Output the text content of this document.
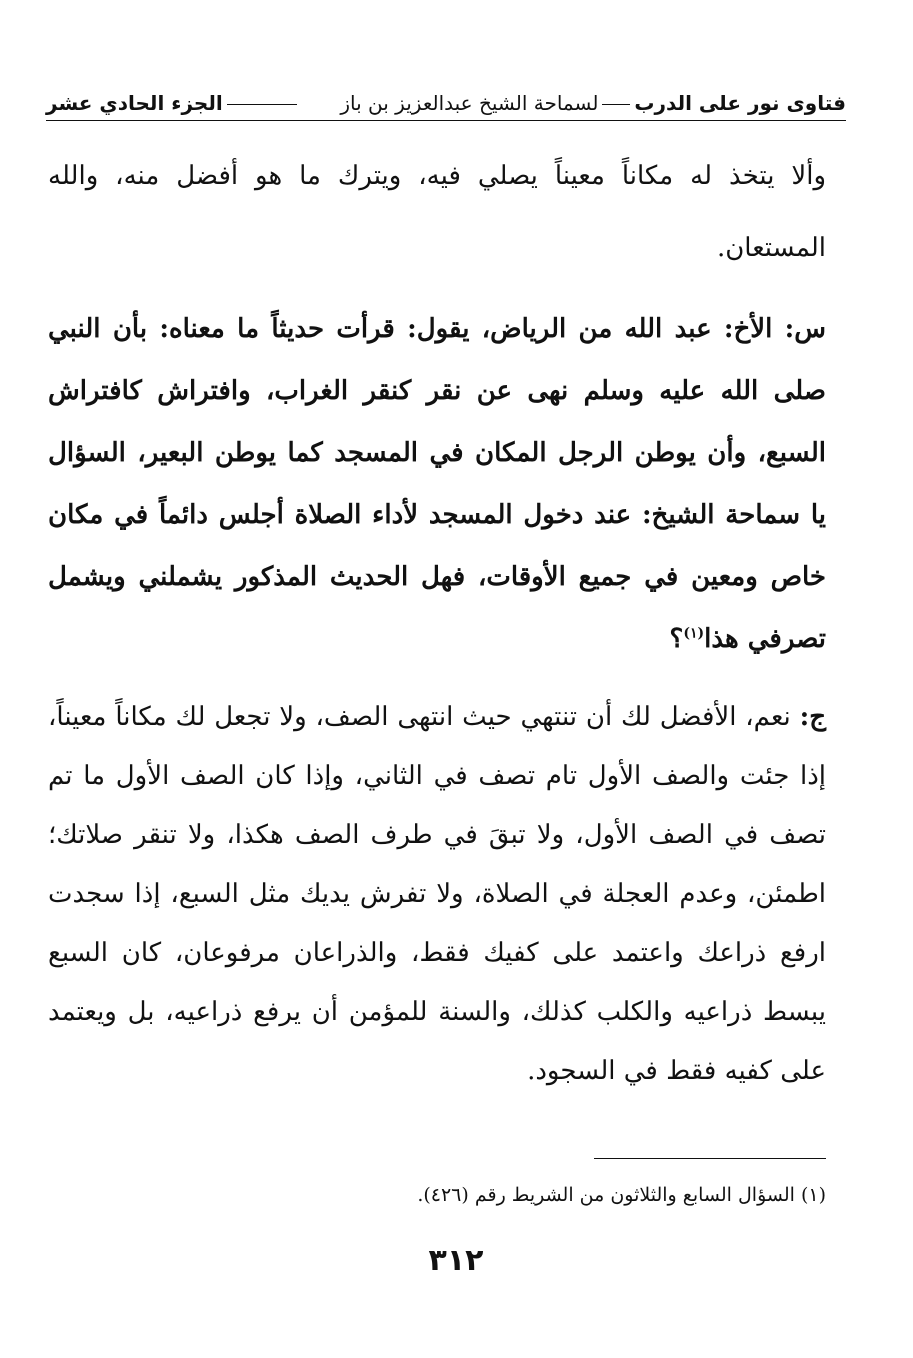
فتاوى نور على الدربلسماحة الشيخ عبدالعزيز بن باز
الجزء الحادي عشر

وألا يتخذ له مكاناً معيناً يصلي فيه، ويترك ما هو أفضل منه، والله المستعان.

س: الأخ: عبد الله من الرياض، يقول: قرأت حديثاً ما معناه: بأن النبي صلى الله عليه وسلم نهى عن نقر كنقر الغراب، وافتراش كافتراش السبع، وأن يوطن الرجل المكان في المسجد كما يوطن البعير، السؤال يا سماحة الشيخ: عند دخول المسجد لأداء الصلاة أجلس دائماً في مكان خاص ومعين في جميع الأوقات، فهل الحديث المذكور يشملني ويشمل تصرفي هذا$^{(١)}$؟

ج: نعم، الأفضل لك أن تنتهي حيث انتهى الصف، ولا تجعل لك مكاناً معيناً، إذا جئت والصف الأول تام تصف في الثاني، وإذا كان الصف الأول ما تم تصف في الصف الأول، ولا تبقَ في طرف الصف هكذا، ولا تنقر صلاتك؛ اطمئن، وعدم العجلة في الصلاة، ولا تفرش يديك مثل السبع، إذا سجدت ارفع ذراعك واعتمد على كفيك فقط، والذراعان مرفوعان، كان السبع يبسط ذراعيه والكلب كذلك، والسنة للمؤمن أن يرفع ذراعيه، بل ويعتمد على كفيه فقط في السجود.

(١) السؤال السابع والثلاثون من الشريط رقم (٤٢٦).
٣١٢
